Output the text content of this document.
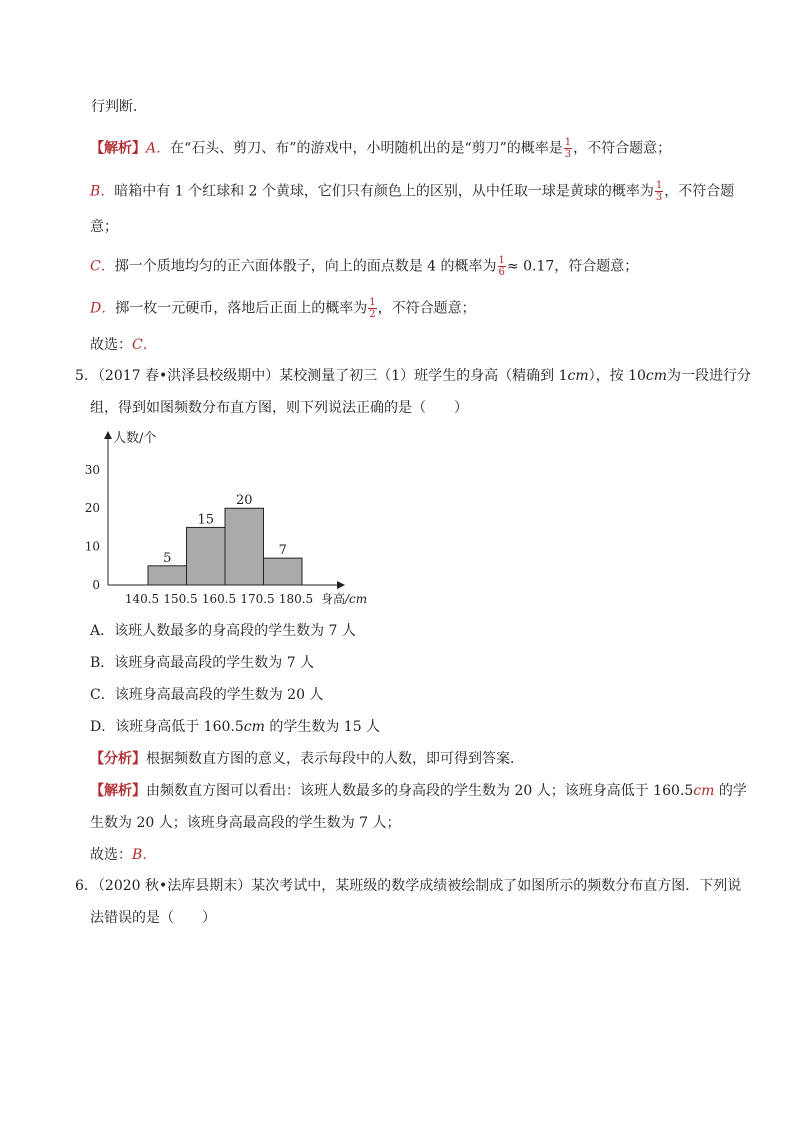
行判断．
【解析】A．在“石头、剪刀、布”的游戏中，小明随机出的是“剪刀”的概率是 $\frac{1}{3}$ ，不符合题意；
B．暗箱中有 1 个红球和 2 个黄球，它们只有颜色上的区别，从中任取一球是黄球的概率为 $\frac{1}{3}$ ，不符合题
意；
C．掷一个质地均匀的正六面体骰子，向上的面点数是 4 的概率为 $\frac{1}{6} \approx 0.17$，符合题意；
D．掷一枚一元硬币，落地后正面上的概率为 $\frac{1}{2}$ ，不符合题意；
故选：C．
5．（2017 春•洪泽县校级期中）某校测量了初三（1）班学生的身高（精确到 1cm），按 10cm为一段进行分
组，得到如图频数分布直方图，则下列说法正确的是（　　）
人数/个
0
10
20
30
5
15
20
7
140.5 150.5 160.5 170.5 180.5 身高/cm
A．该班人数最多的身高段的学生数为 7 人
B．该班身高最高段的学生数为 7 人
C．该班身高最高段的学生数为 20 人
D．该班身高低于 160.5cm 的学生数为 15 人
【分析】根据频数直方图的意义，表示每段中的人数，即可得到答案．
【解析】由频数直方图可以看出：该班人数最多的身高段的学生数为 20 人；该班身高低于 160.5cm 的学
生数为 20 人；该班身高最高段的学生数为 7 人；
故选：B．
6．（2020 秋•法库县期末）某次考试中，某班级的数学成绩被绘制成了如图所示的频数分布直方图．下列说
法错误的是（　　）
